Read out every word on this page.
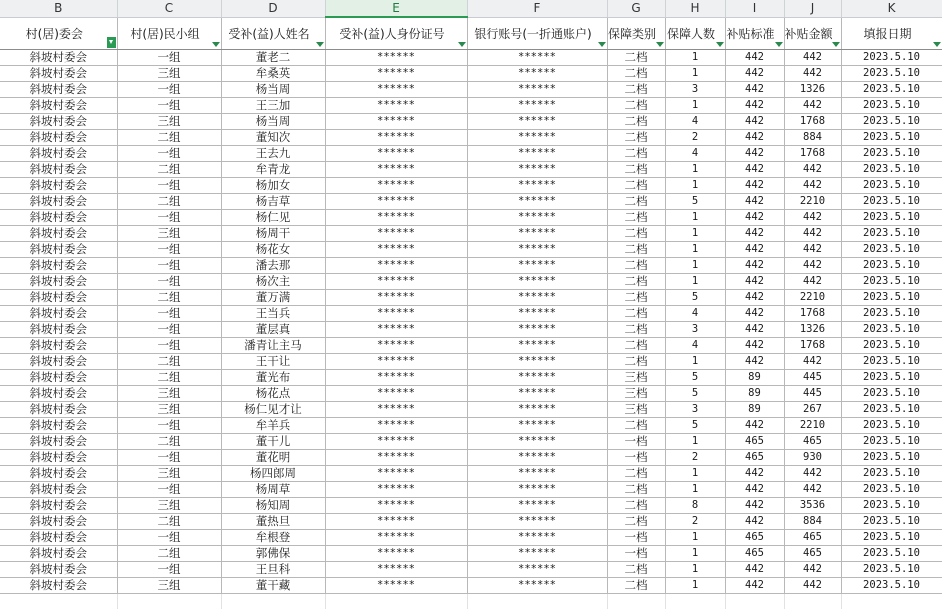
B	C	D	E	F	G	H	I	J	K

村(居)委会	村(居)民小组	受补(益)人姓名	受补(益)人身份证号	银行账号(一折通账户)	保障类别	保障人数	补贴标准	补贴金额	填报日期

斜坡村委会	一组	董老二	******	******	二档	1	442	442	2023.5.10
斜坡村委会	三组	牟桑英	******	******	二档	1	442	442	2023.5.10
斜坡村委会	一组	杨当周	******	******	二档	3	442	1326	2023.5.10
斜坡村委会	一组	王三加	******	******	二档	1	442	442	2023.5.10
斜坡村委会	三组	杨当周	******	******	二档	4	442	1768	2023.5.10
斜坡村委会	二组	董知次	******	******	二档	2	442	884	2023.5.10
斜坡村委会	一组	王去九	******	******	二档	4	442	1768	2023.5.10
斜坡村委会	二组	牟青龙	******	******	二档	1	442	442	2023.5.10
斜坡村委会	一组	杨加女	******	******	二档	1	442	442	2023.5.10
斜坡村委会	二组	杨吉草	******	******	二档	5	442	2210	2023.5.10
斜坡村委会	一组	杨仁见	******	******	二档	1	442	442	2023.5.10
斜坡村委会	三组	杨周干	******	******	二档	1	442	442	2023.5.10
斜坡村委会	一组	杨花女	******	******	二档	1	442	442	2023.5.10
斜坡村委会	一组	潘去那	******	******	二档	1	442	442	2023.5.10
斜坡村委会	一组	杨次主	******	******	二档	1	442	442	2023.5.10
斜坡村委会	二组	董万满	******	******	二档	5	442	2210	2023.5.10
斜坡村委会	一组	王当兵	******	******	二档	4	442	1768	2023.5.10
斜坡村委会	一组	董层真	******	******	二档	3	442	1326	2023.5.10
斜坡村委会	一组	潘青让主马	******	******	二档	4	442	1768	2023.5.10
斜坡村委会	二组	王干让	******	******	二档	1	442	442	2023.5.10
斜坡村委会	二组	董光布	******	******	三档	5	89	445	2023.5.10
斜坡村委会	三组	杨花点	******	******	三档	5	89	445	2023.5.10
斜坡村委会	三组	杨仁见才让	******	******	三档	3	89	267	2023.5.10
斜坡村委会	一组	牟羊兵	******	******	二档	5	442	2210	2023.5.10
斜坡村委会	二组	董干儿	******	******	一档	1	465	465	2023.5.10
斜坡村委会	一组	董花明	******	******	一档	2	465	930	2023.5.10
斜坡村委会	三组	杨四郎周	******	******	二档	1	442	442	2023.5.10
斜坡村委会	一组	杨周草	******	******	二档	1	442	442	2023.5.10
斜坡村委会	三组	杨知周	******	******	二档	8	442	3536	2023.5.10
斜坡村委会	二组	董热旦	******	******	二档	2	442	884	2023.5.10
斜坡村委会	一组	牟根登	******	******	一档	1	465	465	2023.5.10
斜坡村委会	二组	郭佛保	******	******	一档	1	465	465	2023.5.10
斜坡村委会	一组	王旦科	******	******	二档	1	442	442	2023.5.10
斜坡村委会	三组	董干藏	******	******	二档	1	442	442	2023.5.10
